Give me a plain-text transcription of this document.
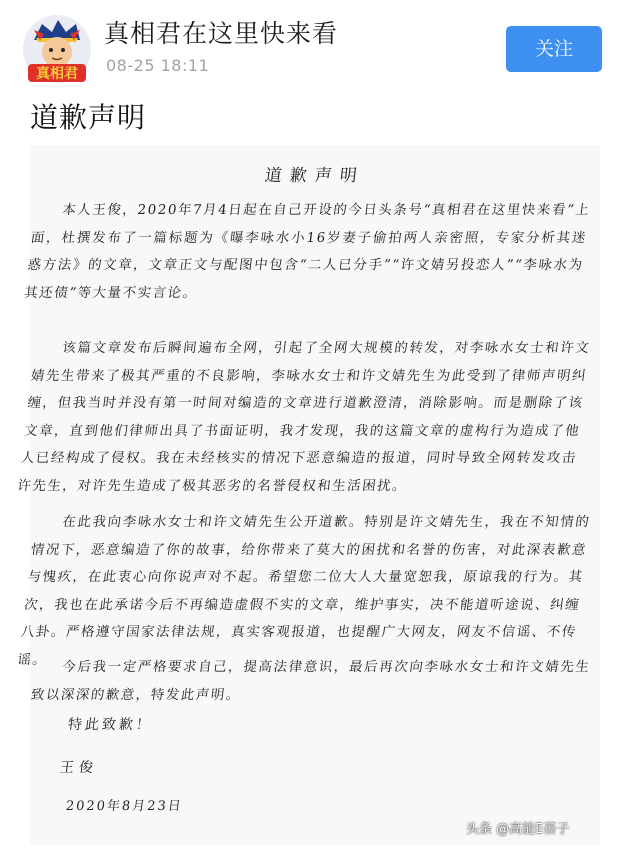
真相君
真相君在这里快来看
08-25 18:11
关注
道歉声明
道歉声明

本人王俊，2020年7月4日起在自己开设的今日头条号“真相君在这里快来看”上面，杜撰发布了一篇标题为《曝李咏水小16岁妻子偷拍两人亲密照，专家分析其迷惑方法》的文章，文章正文与配图中包含“二人已分手”“许文婧另投恋人”“李咏水为其还债”等大量不实言论。

该篇文章发布后瞬间遍布全网，引起了全网大规模的转发，对李咏水女士和许文婧先生带来了极其严重的不良影响，李咏水女士和许文婧先生为此受到了律师声明纠缠，但我当时并没有第一时间对编造的文章进行道歉澄清，消除影响。而是删除了该文章，直到他们律师出具了书面证明，我才发现，我的这篇文章的虚构行为造成了他人已经构成了侵权。我在未经核实的情况下恶意编造的报道，同时导致全网转发攻击许先生，对许先生造成了极其恶劣的名誉侵权和生活困扰。

在此我向李咏水女士和许文婧先生公开道歉。特别是许文婧先生，我在不知情的情况下，恶意编造了你的故事，给你带来了莫大的困扰和名誉的伤害，对此深表歉意与愧疚，在此衷心向你说声对不起。希望您二位大人大量宽恕我，原谅我的行为。其次，我也在此承诺今后不再编造虚假不实的文章，维护事实，决不能道听途说、纠缠八卦。严格遵守国家法律法规，真实客观报道，也提醒广大网友，网友不信谣、不传谣。 今后我一定严格要求自己，提高法律意识，最后再次向李咏水女士和许文婧先生致以深深的歉意，特发此声明。

特此致歉！
王俊
2020年8月23日
头条 @高能E蓓子
